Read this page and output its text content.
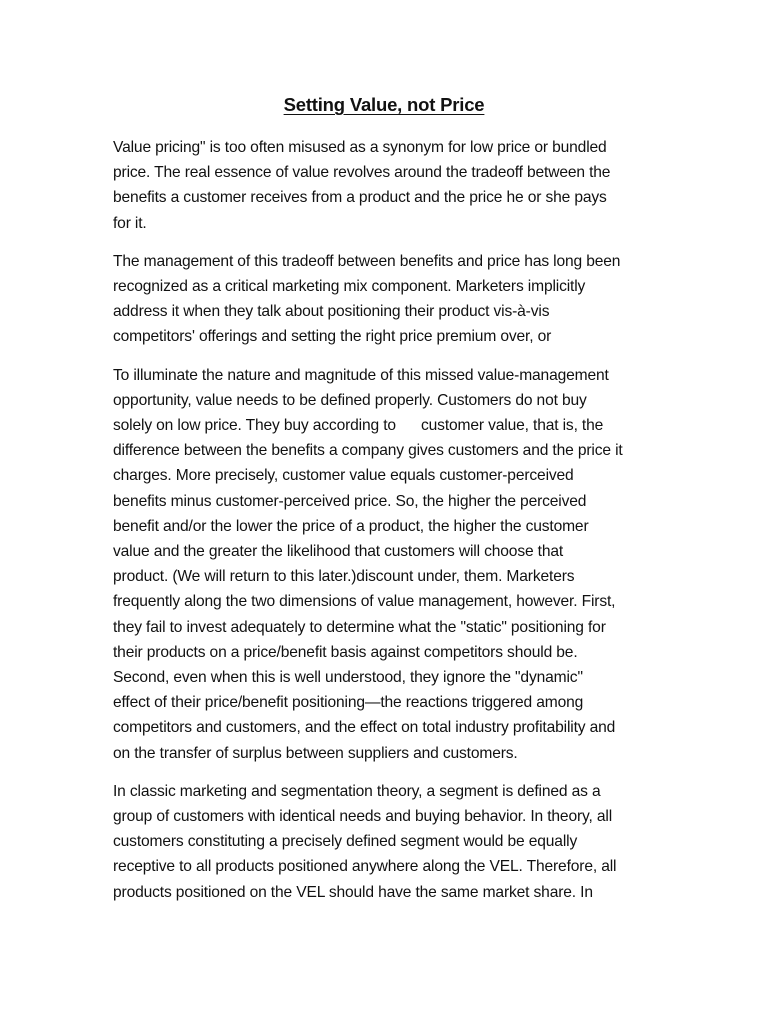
Setting Value, not Price

Value pricing" is too often misused as a synonym for low price or bundled
price. The real essence of value revolves around the tradeoff between the
benefits a customer receives from a product and the price he or she pays
for it.

The management of this tradeoff between benefits and price has long been
recognized as a critical marketing mix component. Marketers implicitly
address it when they talk about positioning their product vis-à-vis
competitors' offerings and setting the right price premium over, or

To illuminate the nature and magnitude of this missed value-management
opportunity, value needs to be defined properly. Customers do not buy
solely on low price. They buy according to      customer value, that is, the
difference between the benefits a company gives customers and the price it
charges. More precisely, customer value equals customer-perceived
benefits minus customer-perceived price. So, the higher the perceived
benefit and/or the lower the price of a product, the higher the customer
value and the greater the likelihood that customers will choose that
product. (We will return to this later.)discount under, them. Marketers
frequently along the two dimensions of value management, however. First,
they fail to invest adequately to determine what the "static" positioning for
their products on a price/benefit basis against competitors should be.
Second, even when this is well understood, they ignore the "dynamic"
effect of their price/benefit positioning—the reactions triggered among
competitors and customers, and the effect on total industry profitability and
on the transfer of surplus between suppliers and customers.

In classic marketing and segmentation theory, a segment is defined as a
group of customers with identical needs and buying behavior. In theory, all
customers constituting a precisely defined segment would be equally
receptive to all products positioned anywhere along the VEL. Therefore, all
products positioned on the VEL should have the same market share. In
